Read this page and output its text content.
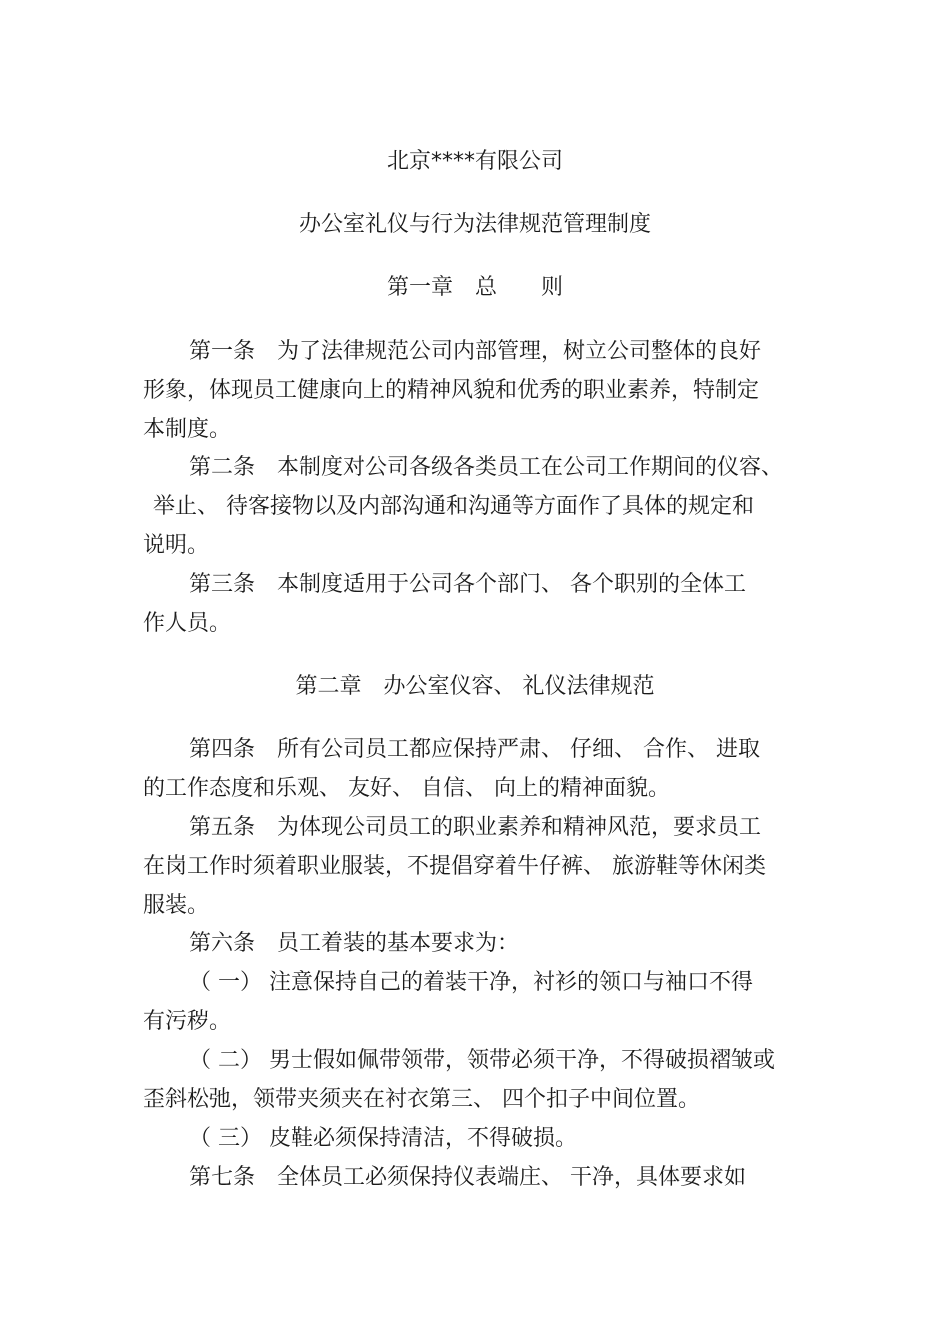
北京****有限公司
办公室礼仪与行为法律规范管理制度
第一章　总　　则
第一条　为了法律规范公司内部管理，树立公司整体的良好
形象，体现员工健康向上的精神风貌和优秀的职业素养，特制定
本制度。
第二条　本制度对公司各级各类员工在公司工作期间的仪容、
举止、 待客接物以及内部沟通和沟通等方面作了具体的规定和
说明。
第三条　本制度适用于公司各个部门、 各个职别的全体工
作人员。
第二章　办公室仪容、 礼仪法律规范
第四条　所有公司员工都应保持严肃、 仔细、 合作、 进取
的工作态度和乐观、 友好、 自信、 向上的精神面貌。
第五条　为体现公司员工的职业素养和精神风范，要求员工
在岗工作时须着职业服装，不提倡穿着牛仔裤、 旅游鞋等休闲类
服装。
第六条　员工着装的基本要求为：
（ 一） 注意保持自己的着装干净，衬衫的领口与袖口不得
有污秽。
（ 二） 男士假如佩带领带，领带必须干净，不得破损褶皱或
歪斜松弛，领带夹须夹在衬衣第三、 四个扣子中间位置。
（ 三） 皮鞋必须保持清洁，不得破损。
第七条　全体员工必须保持仪表端庄、 干净，具体要求如
